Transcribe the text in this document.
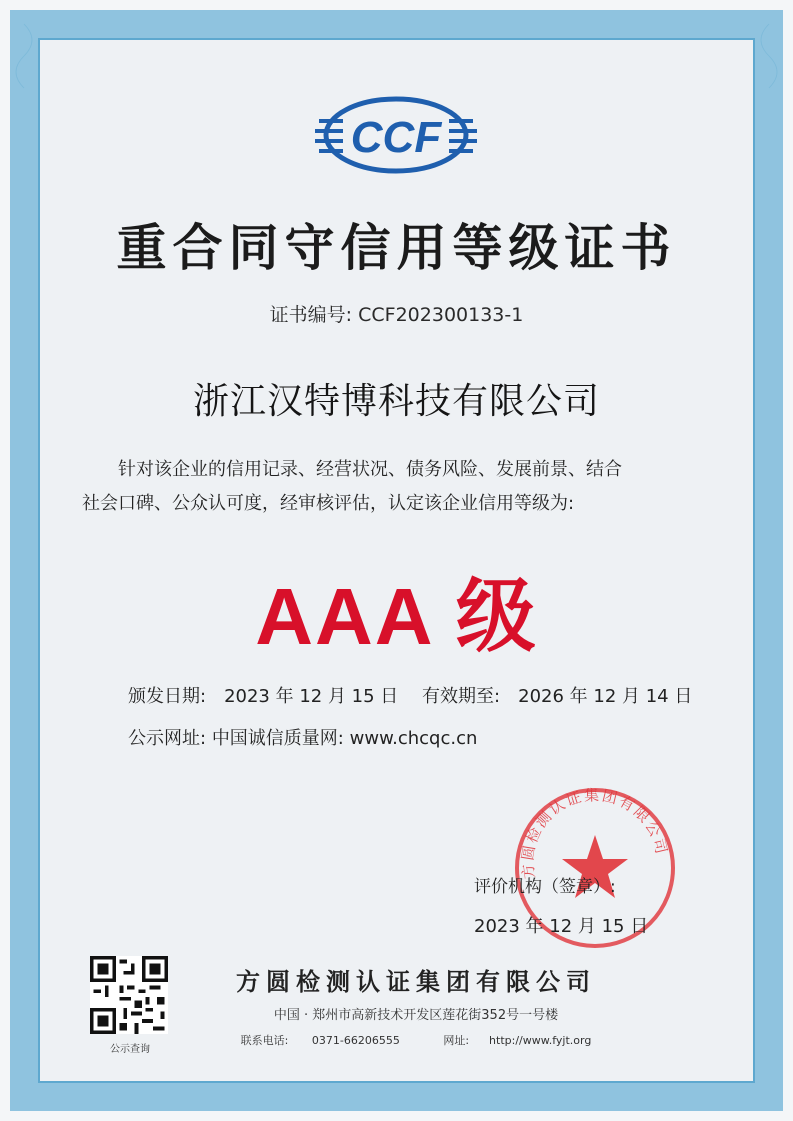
CCF
重合同守信用等级证书
证书编号: CCF202300133-1
浙江汉特博科技有限公司

针对该企业的信用记录、经营状况、债务风险、发展前景、结合

社会口碑、公众认可度，经审核评估，认定该企业信用等级为:

AAA 级
颁发日期: 2023 年 12 月 15 日 有效期至: 2026 年 12 月 14 日
公示网址: 中国诚信质量网: www.chcqc.cn
方圆检测认证集团有限公司
评价机构（签章）:
2023 年 12 月 15 日
公示查询
方圆检测认证集团有限公司
中国 · 郑州市高新技术开发区莲花街352号一号楼
联系电话: 0371-66206555	网址: http://www.fyjt.org
